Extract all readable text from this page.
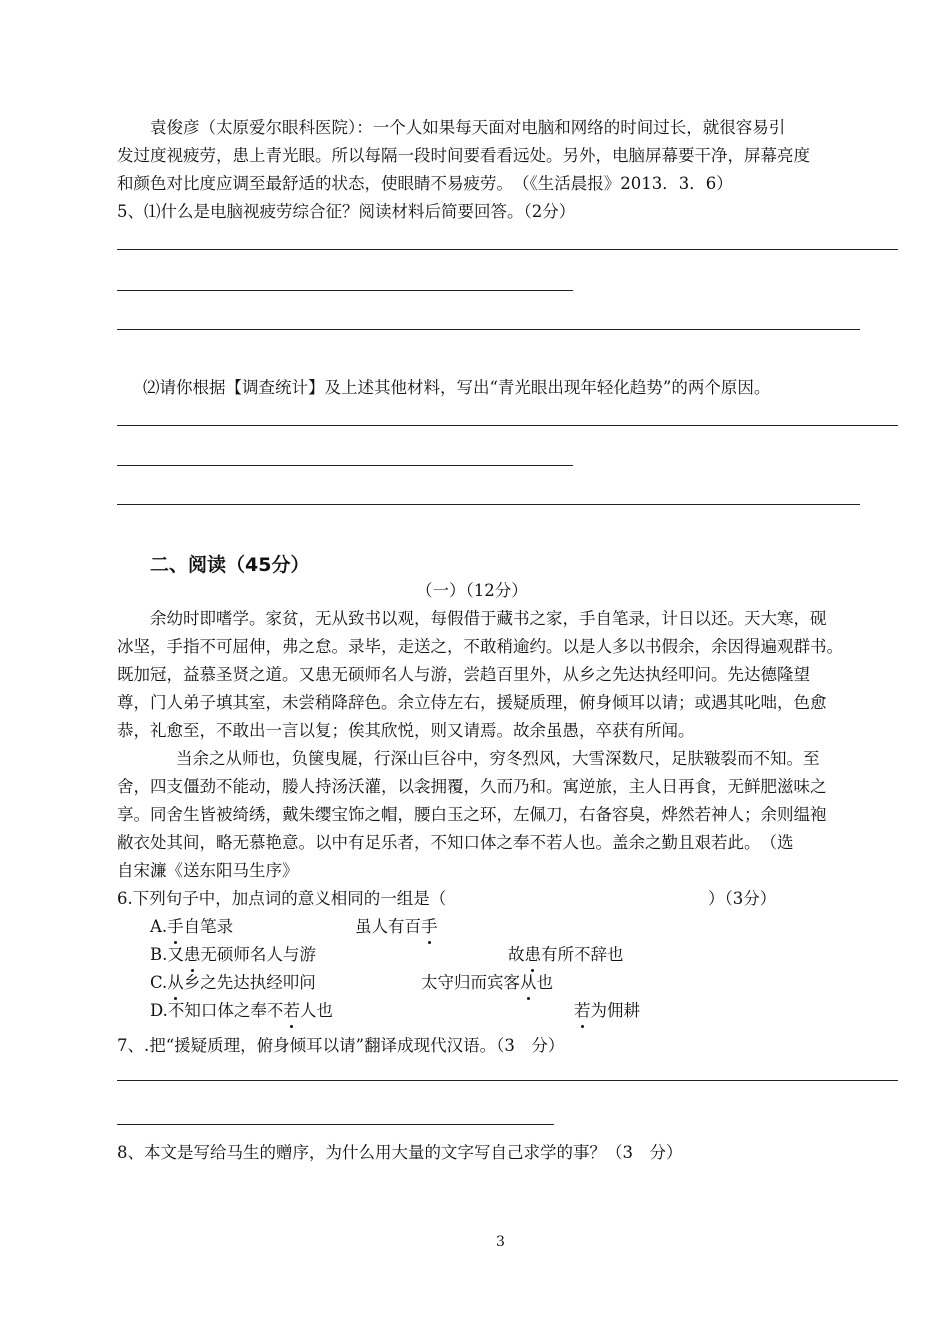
袁俊彦（太原爱尔眼科医院）：一个人如果每天面对电脑和网络的时间过长，就很容易引
发过度视疲劳，患上青光眼。所以每隔一段时间要看看远处。另外，电脑屏幕要干净，屏幕亮度
和颜色对比度应调至最舒适的状态，使眼睛不易疲劳。　（《生活晨报》2013．3．6）
5、⑴什么是电脑视疲劳综合征？阅读材料后简要回答。（2分）
⑵请你根据【调查统计】及上述其他材料，写出“青光眼出现年轻化趋势”的两个原因。
二、阅读（45分）
（一）（12分）
余幼时即嗜学。家贫，无从致书以观，每假借于藏书之家，手自笔录，计日以还。天大寒，砚
冰坚，手指不可屈伸，弗之怠。录毕，走送之，不敢稍逾约。以是人多以书假余，余因得遍观群书。
既加冠，益慕圣贤之道。又患无硕师名人与游，尝趋百里外，从乡之先达执经叩问。先达德隆望
尊，门人弟子填其室，未尝稍降辞色。余立侍左右，援疑质理，俯身倾耳以请；或遇其叱咄，色愈
恭，礼愈至，不敢出一言以复；俟其欣悦，则又请焉。故余虽愚，卒获有所闻。
当余之从师也，负箧曳屣，行深山巨谷中，穷冬烈风，大雪深数尺，足肤皲裂而不知。至
舍，四支僵劲不能动，媵人持汤沃灌，以衾拥覆，久而乃和。寓逆旅，主人日再食，无鲜肥滋味之
享。同舍生皆被绮绣，戴朱缨宝饰之帽，腰白玉之环，左佩刀，右备容臭，烨然若神人；余则缊袍
敝衣处其间，略无慕艳意。以中有足乐者，不知口体之奉不若人也。盖余之勤且艰若此。　（选
自宋濂《送东阳马生序》
6.下列句子中，加点词的意义相同的一组是（	）（3分）
A.手自笔录	虽人有百手
B.又患无硕师名人与游	故患有所不辞也
C.从乡之先达执经叩问	太守归而宾客从也
D.不知口体之奉不若人也	若为佣耕
7、.把“援疑质理，俯身倾耳以请”翻译成现代汉语。（3　分）
8、本文是写给马生的赠序，为什么用大量的文字写自己求学的事？（3　分）
3
